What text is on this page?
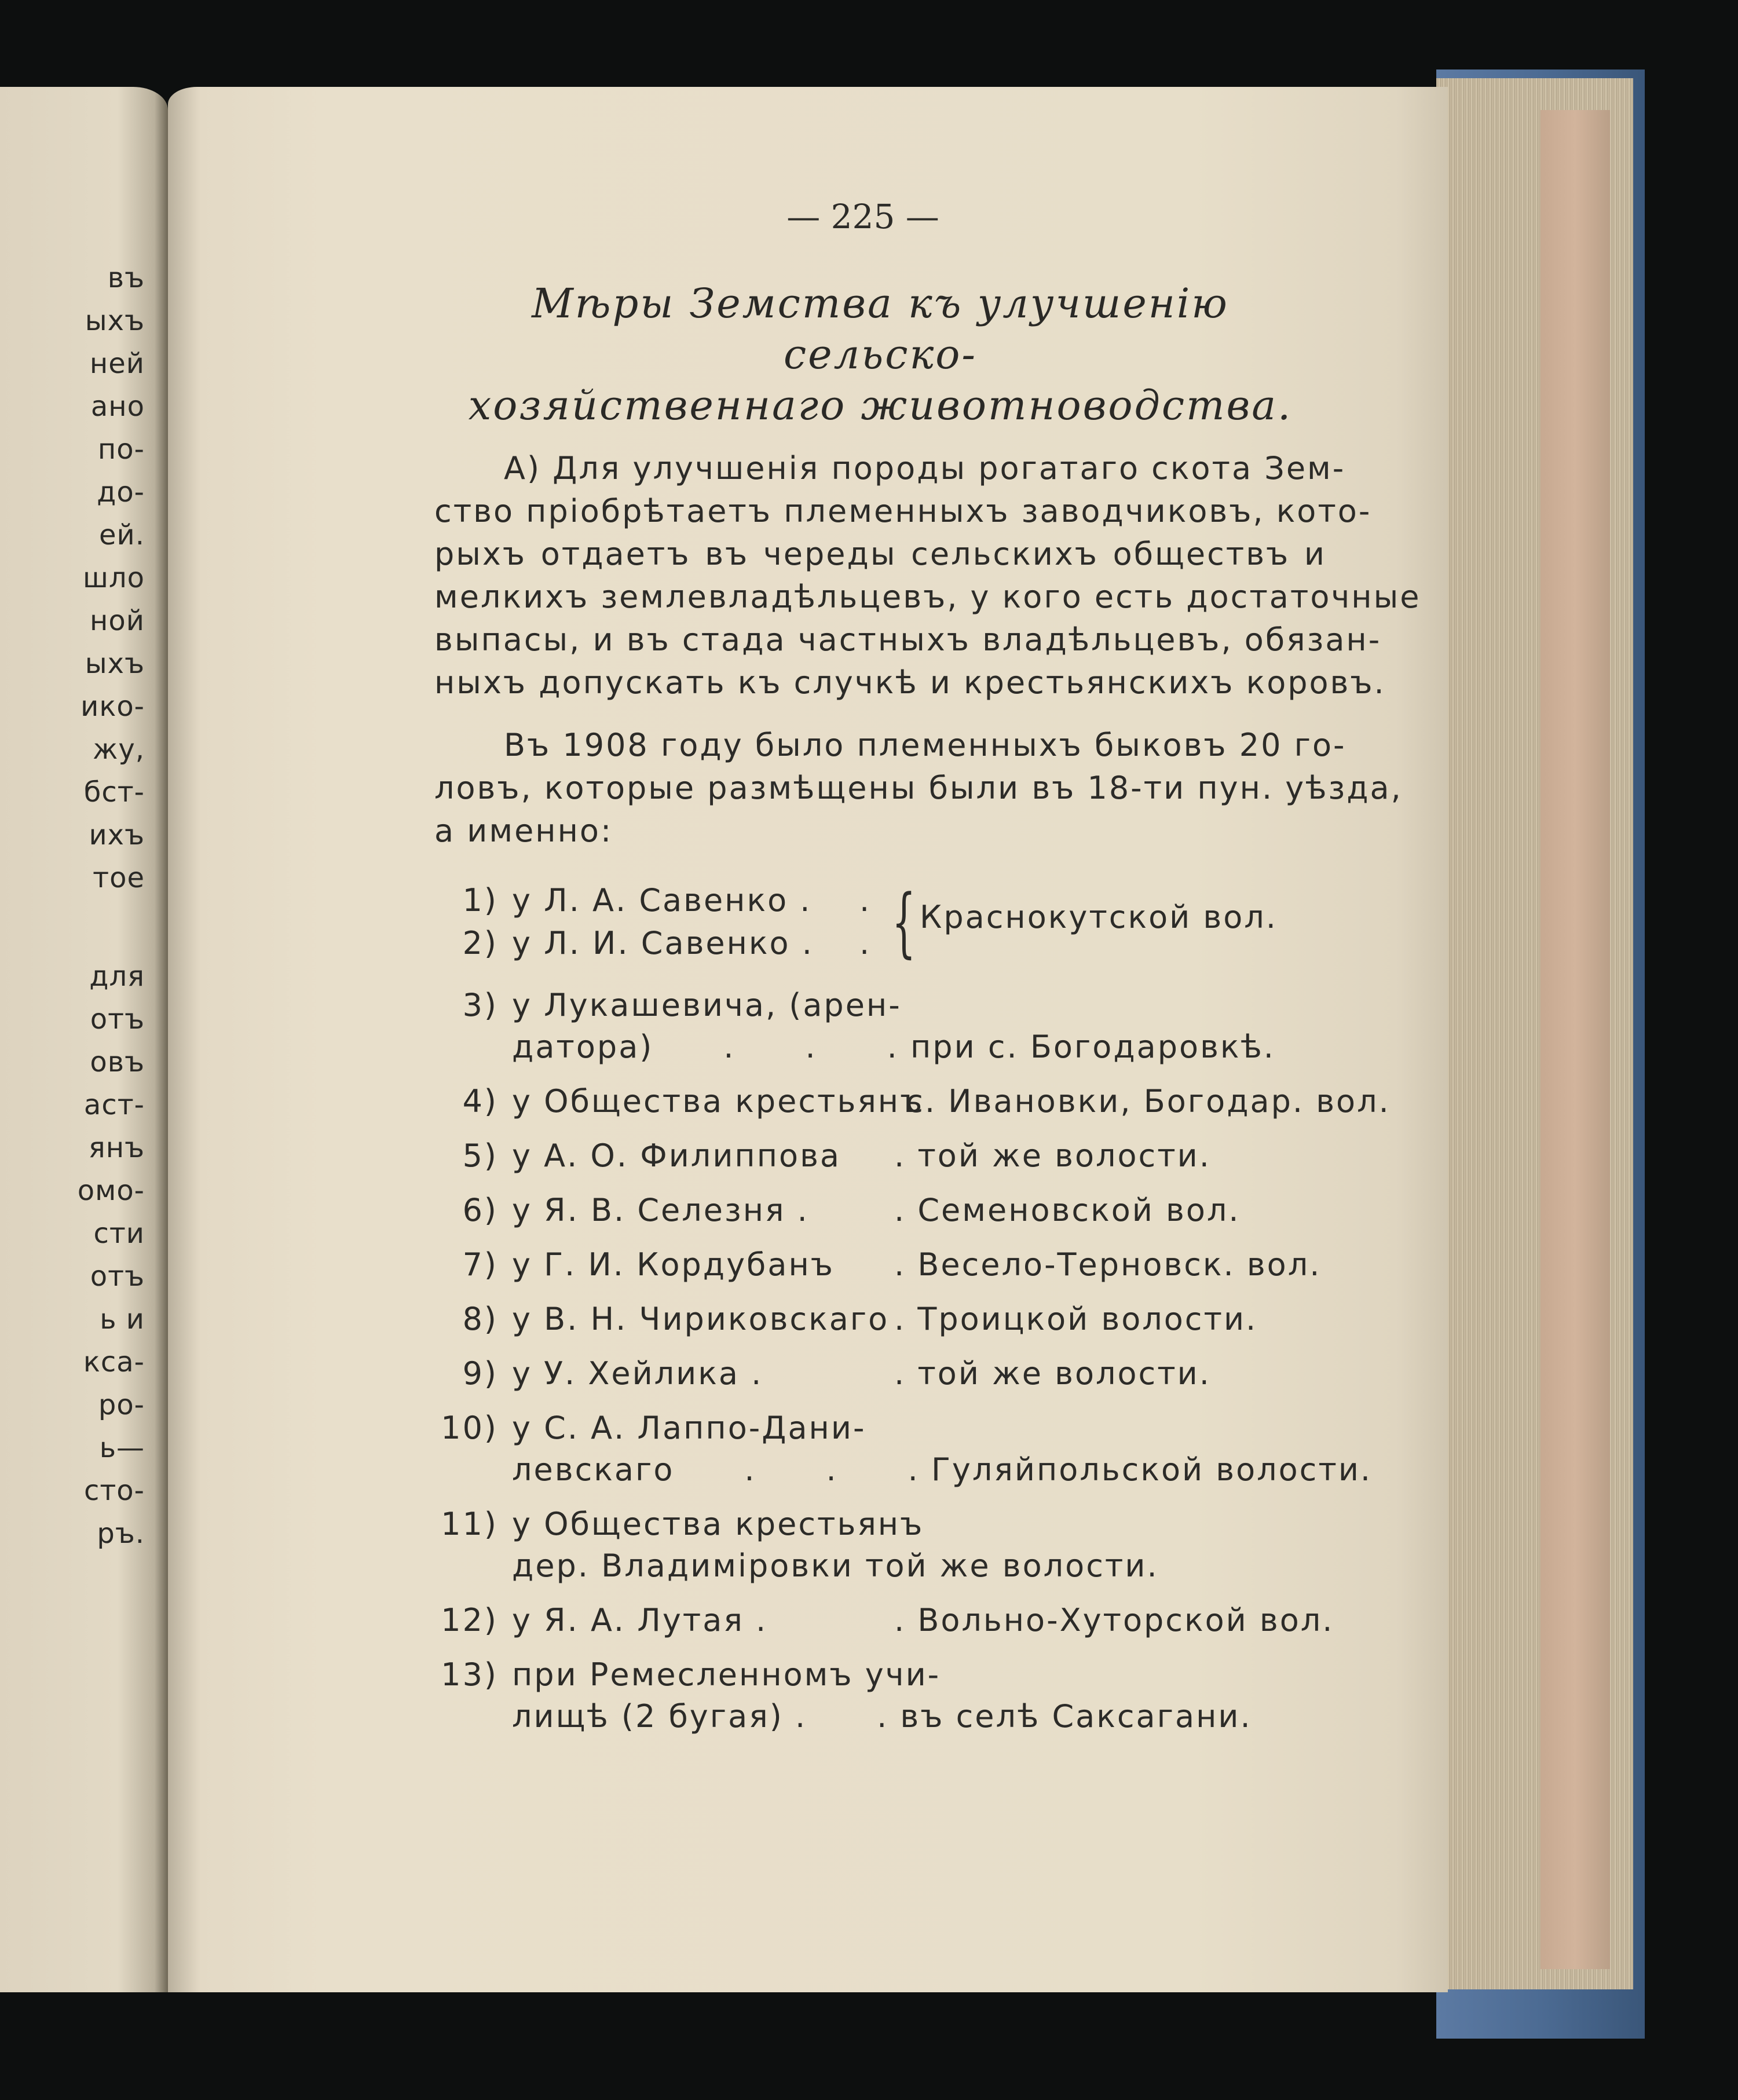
въ
ыхъ
ней
ано
по-
до-
ей.
шло
ной
ыхъ
ико-
жу,
бст-
ихъ
тое
для
отъ
овъ
аст-
янъ
омо-
сти
отъ
ь и
кса-
ро-
ь—
сто-
ръ.
— 225 —
Мѣры Земства къ улучшенію сельско-
хозяйственнаго животноводства.

А) Для улучшенія породы рогатаго скота Зем-
ство пріобрѣтаетъ племенныхъ заводчиковъ, кото-
рыхъ отдаетъ въ череды сельскихъ обществъ и
мелкихъ землевладѣльцевъ, у кого есть достаточные
выпасы, и въ стада частныхъ владѣльцевъ, обязан-
ныхъ допускать къ случкѣ и крестьянскихъ коровъ.

Въ 1908 году было племенныхъ быковъ 20 го-
ловъ, которые размѣщены были въ 18-ти пун. уѣзда,
а именно:

1) у Л. А. Савенко .	.
2) у Л. И. Савенко .	. { Краснокутской вол.
3) у Лукашевича, (арен-
датора)      .      .      . при с. Богодаровкѣ.
4) у Общества крестьянъ
с. Ивановки, Богодар. вол.
5) у А. О. Филиппова	. той же волости.
6) у Я. В. Селезня .	. Семеновской вол.
7) у Г. И. Кордубанъ	. Весело-Терновск. вол.
8) у В. Н. Чириковскаго . Троицкой волости.
9) у У. Хейлика .	. той же волости.
10) у С. А. Лаппо-Дани-
левскаго      .      .      . Гуляйпольской волости.
11) у Общества крестьянъ
дер. Владиміровки той же волости.
12) у Я. А. Лутая .	. Вольно-Хуторской вол.
13) при Ремесленномъ учи-
лищѣ (2 бугая) .      . въ селѣ Саксагани.
